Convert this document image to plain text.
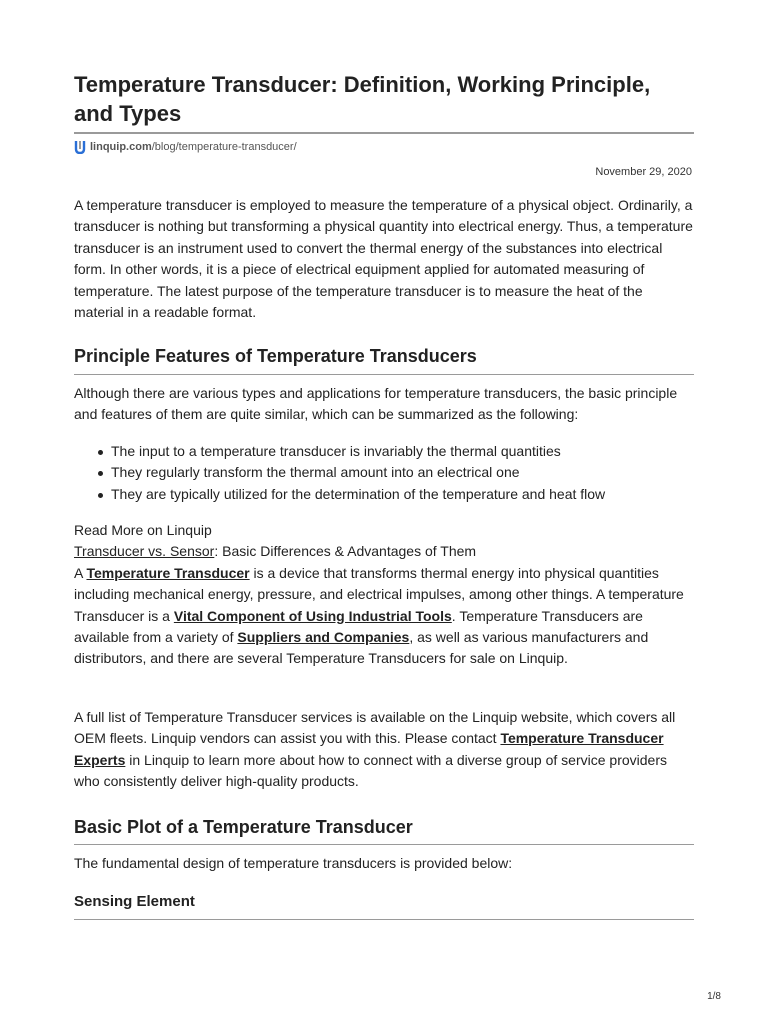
Temperature Transducer: Definition, Working Principle, and Types
linquip.com /blog/temperature-transducer/
November 29, 2020

A temperature transducer is employed to measure the temperature of a physical object. Ordinarily, a transducer is nothing but transforming a physical quantity into electrical energy. Thus, a temperature transducer is an instrument used to convert the thermal energy of the substances into electrical form. In other words, it is a piece of electrical equipment applied for automated measuring of temperature. The latest purpose of the temperature transducer is to measure the heat of the material in a readable format.

Principle Features of Temperature Transducers

Although there are various types and applications for temperature transducers, the basic principle and features of them are quite similar, which can be summarized as the following:

The input to a temperature transducer is invariably the thermal quantities
They regularly transform the thermal amount into an electrical one
They are typically utilized for the determination of the temperature and heat flow

Read More on Linquip
Transducer vs. Sensor: Basic Differences & Advantages of Them
A Temperature Transducer is a device that transforms thermal energy into physical quantities including mechanical energy, pressure, and electrical impulses, among other things. A temperature Transducer is a Vital Component of Using Industrial Tools. Temperature Transducers are available from a variety of Suppliers and Companies, as well as various manufacturers and distributors, and there are several Temperature Transducers for sale on Linquip.

A full list of Temperature Transducer services is available on the Linquip website, which covers all OEM fleets. Linquip vendors can assist you with this. Please contact Temperature Transducer Experts in Linquip to learn more about how to connect with a diverse group of service providers who consistently deliver high-quality products.

Basic Plot of a Temperature Transducer

The fundamental design of temperature transducers is provided below:

Sensing Element
1/8
